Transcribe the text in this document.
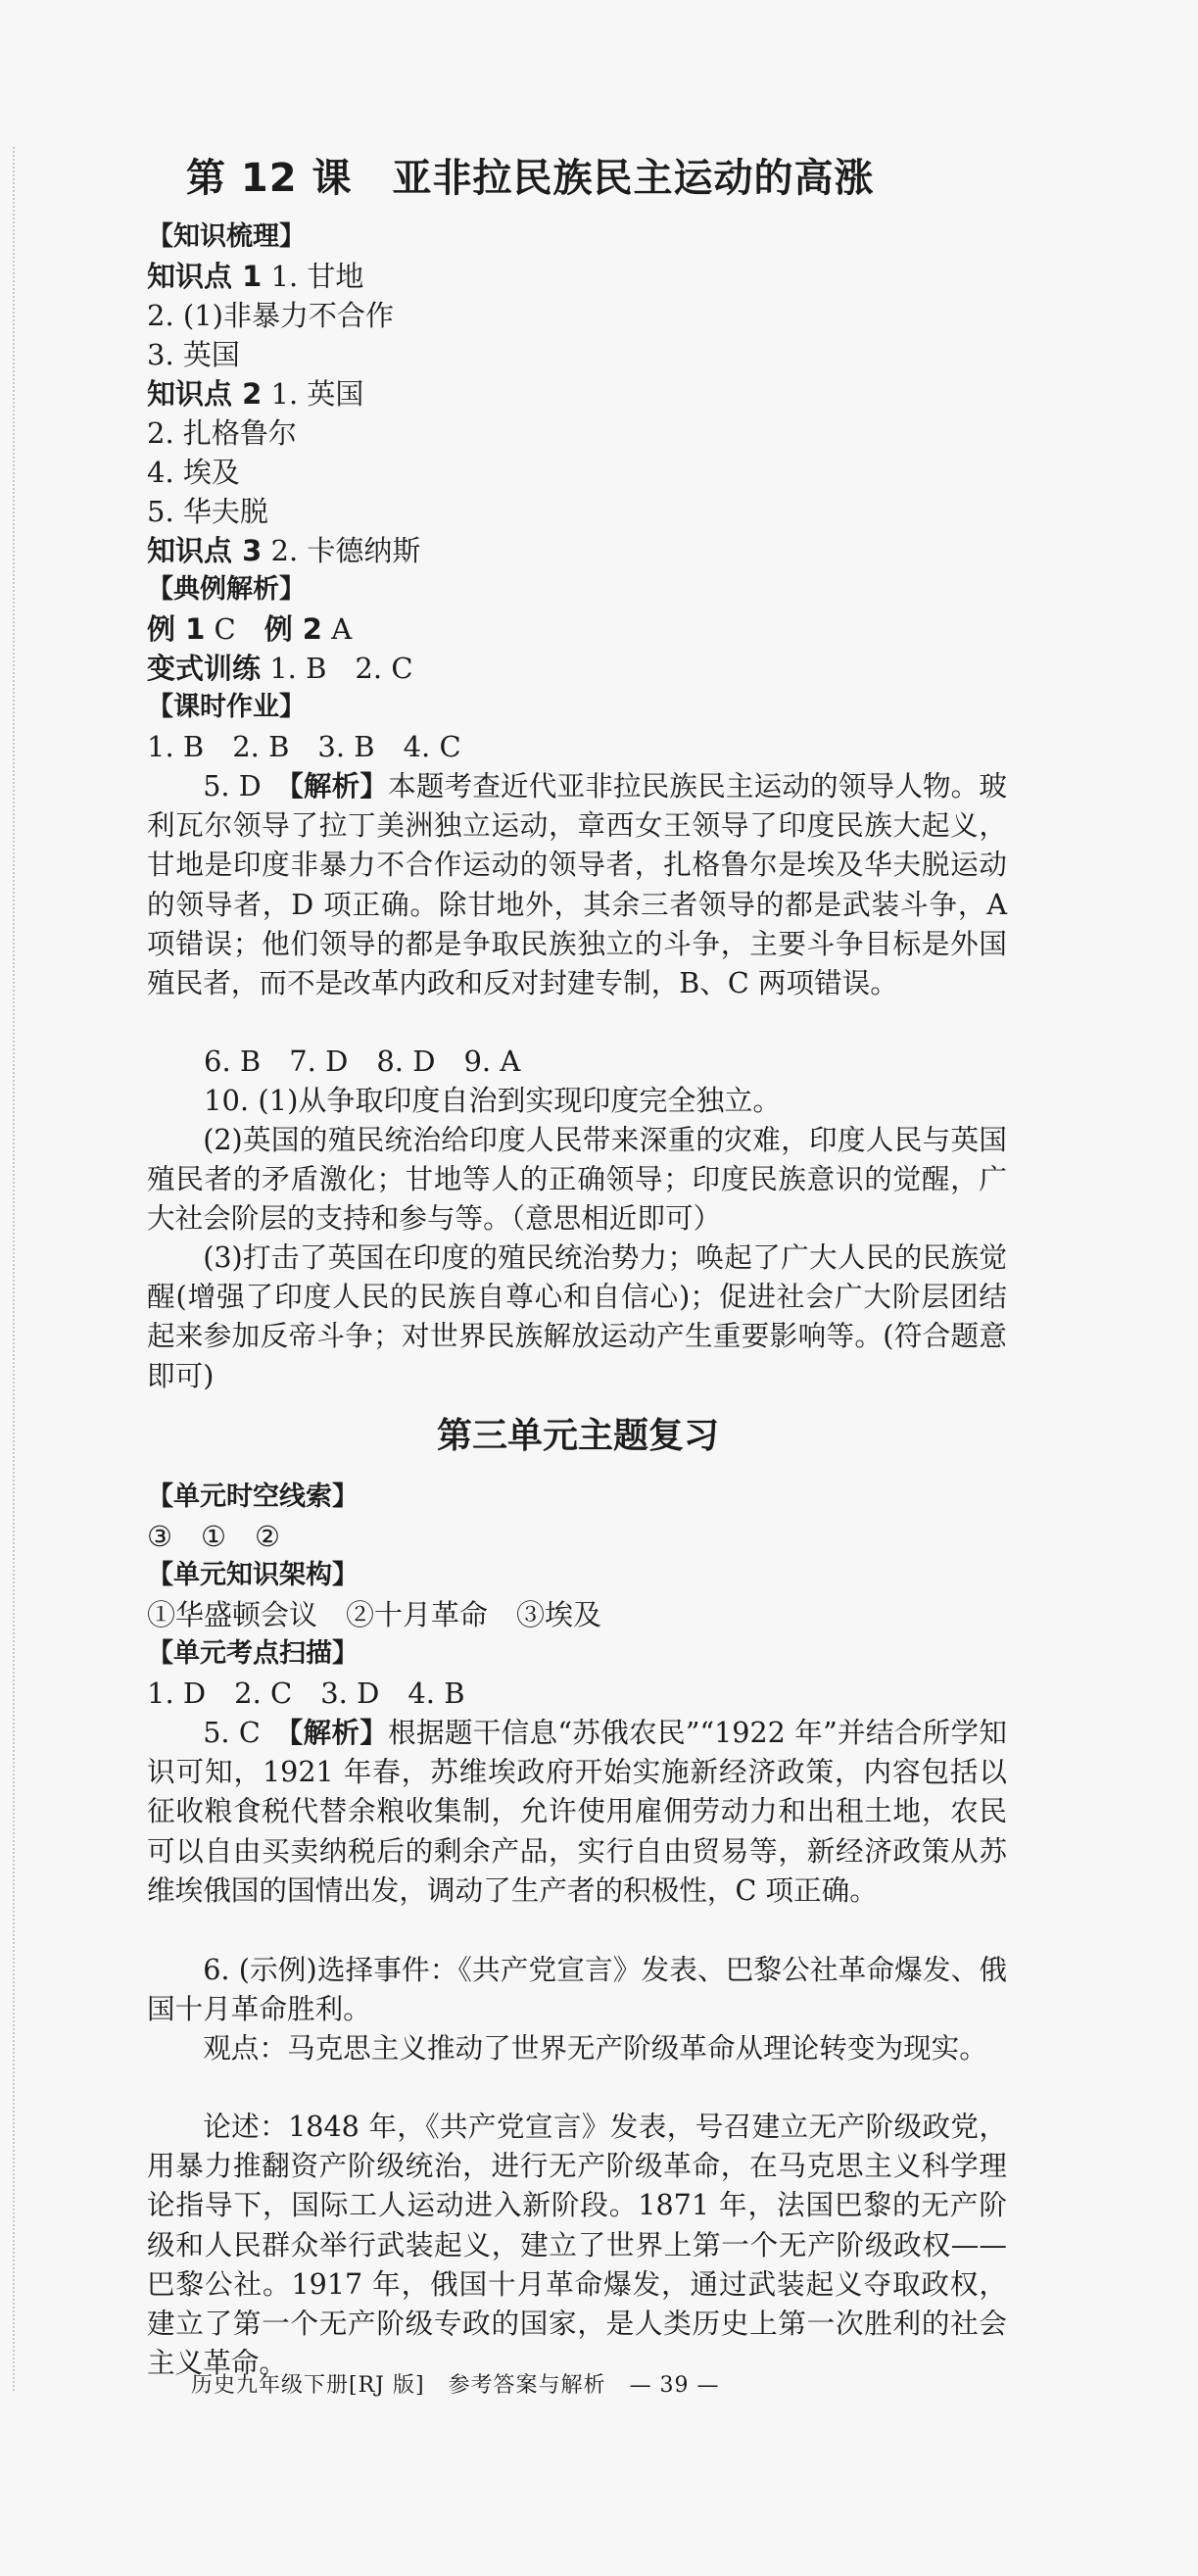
第 12 课　亚非拉民族民主运动的高涨
【知识梳理】
知识点 1 1. 甘地
2. (1)非暴力不合作
3. 英国
知识点 2 1. 英国
2. 扎格鲁尔
4. 埃及
5. 华夫脱
知识点 3 2. 卡德纳斯
【典例解析】
例 1 C　例 2 A
变式训练 1. B　2. C
【课时作业】
1. B　2. B　3. B　4. C
5. D　【解析】本题考查近代亚非拉民族民主运动的领导人物。玻利瓦尔领导了拉丁美洲独立运动，章西女王领导了印度民族大起义，甘地是印度非暴力不合作运动的领导者，扎格鲁尔是埃及华夫脱运动的领导者，D 项正确。除甘地外，其余三者领导的都是武装斗争，A 项错误；他们领导的都是争取民族独立的斗争，主要斗争目标是外国殖民者，而不是改革内政和反对封建专制，B、C 两项错误。
6. B　7. D　8. D　9. A
10. (1)从争取印度自治到实现印度完全独立。
(2)英国的殖民统治给印度人民带来深重的灾难，印度人民与英国殖民者的矛盾激化；甘地等人的正确领导；印度民族意识的觉醒，广大社会阶层的支持和参与等。（意思相近即可）
(3)打击了英国在印度的殖民统治势力；唤起了广大人民的民族觉醒(增强了印度人民的民族自尊心和自信心)；促进社会广大阶层团结起来参加反帝斗争；对世界民族解放运动产生重要影响等。(符合题意即可)
第三单元主题复习
【单元时空线索】
③　①　②
【单元知识架构】
①华盛顿会议　②十月革命　③埃及
【单元考点扫描】
1. D　2. C　3. D　4. B
5. C　【解析】根据题干信息“苏俄农民”“1922 年”并结合所学知识可知，1921 年春，苏维埃政府开始实施新经济政策，内容包括以征收粮食税代替余粮收集制，允许使用雇佣劳动力和出租土地，农民可以自由买卖纳税后的剩余产品，实行自由贸易等，新经济政策从苏维埃俄国的国情出发，调动了生产者的积极性，C 项正确。
6. (示例)选择事件：《共产党宣言》发表、巴黎公社革命爆发、俄国十月革命胜利。
观点：马克思主义推动了世界无产阶级革命从理论转变为现实。
论述：1848 年，《共产党宣言》发表，号召建立无产阶级政党，用暴力推翻资产阶级统治，进行无产阶级革命，在马克思主义科学理论指导下，国际工人运动进入新阶段。1871 年，法国巴黎的无产阶级和人民群众举行武装起义，建立了世界上第一个无产阶级政权——巴黎公社。1917 年，俄国十月革命爆发，通过武装起义夺取政权，建立了第一个无产阶级专政的国家，是人类历史上第一次胜利的社会主义革命。
历史九年级下册[RJ 版] 参考答案与解析 — 39 —
